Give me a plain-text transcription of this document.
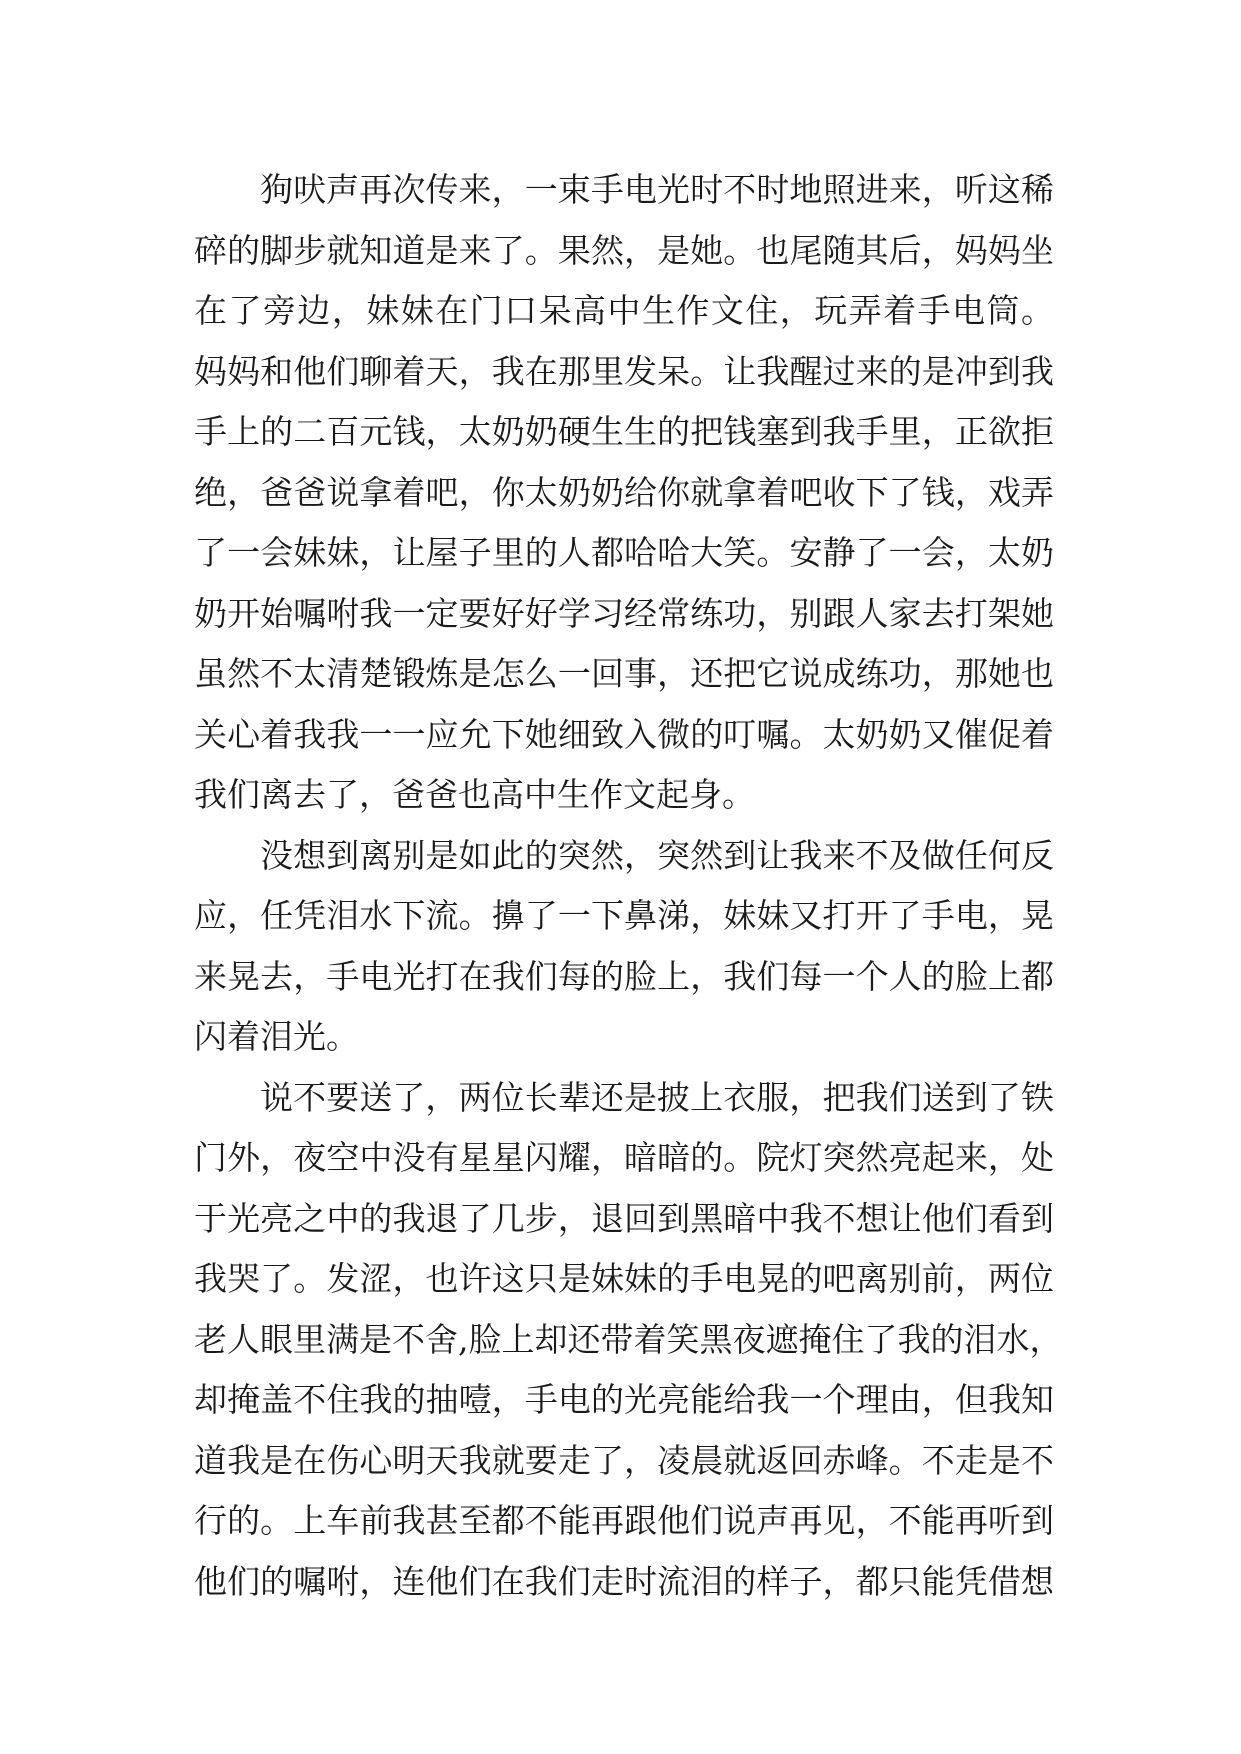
狗吠声再次传来，一束手电光时不时地照进来，听这稀
碎的脚步就知道是来了。果然，是她。也尾随其后，妈妈坐
在了旁边，妹妹在门口呆高中生作文住，玩弄着手电筒。
妈妈和他们聊着天，我在那里发呆。让我醒过来的是冲到我
手上的二百元钱，太奶奶硬生生的把钱塞到我手里，正欲拒
绝，爸爸说拿着吧，你太奶奶给你就拿着吧收下了钱，戏弄
了一会妹妹，让屋子里的人都哈哈大笑。安静了一会，太奶
奶开始嘱咐我一定要好好学习经常练功，别跟人家去打架她
虽然不太清楚锻炼是怎么一回事，还把它说成练功，那她也
关心着我我一一应允下她细致入微的叮嘱。太奶奶又催促着
我们离去了，爸爸也高中生作文起身。
没想到离别是如此的突然，突然到让我来不及做任何反
应，任凭泪水下流。擤了一下鼻涕，妹妹又打开了手电，晃
来晃去，手电光打在我们每的脸上，我们每一个人的脸上都
闪着泪光。
说不要送了，两位长辈还是披上衣服，把我们送到了铁
门外，夜空中没有星星闪耀，暗暗的。院灯突然亮起来，处
于光亮之中的我退了几步，退回到黑暗中我不想让他们看到
我哭了。发涩，也许这只是妹妹的手电晃的吧离别前，两位
老人眼里满是不舍,脸上却还带着笑黑夜遮掩住了我的泪水，
却掩盖不住我的抽噎，手电的光亮能给我一个理由，但我知
道我是在伤心明天我就要走了，凌晨就返回赤峰。不走是不
行的。上车前我甚至都不能再跟他们说声再见，不能再听到
他们的嘱咐，连他们在我们走时流泪的样子，都只能凭借想
